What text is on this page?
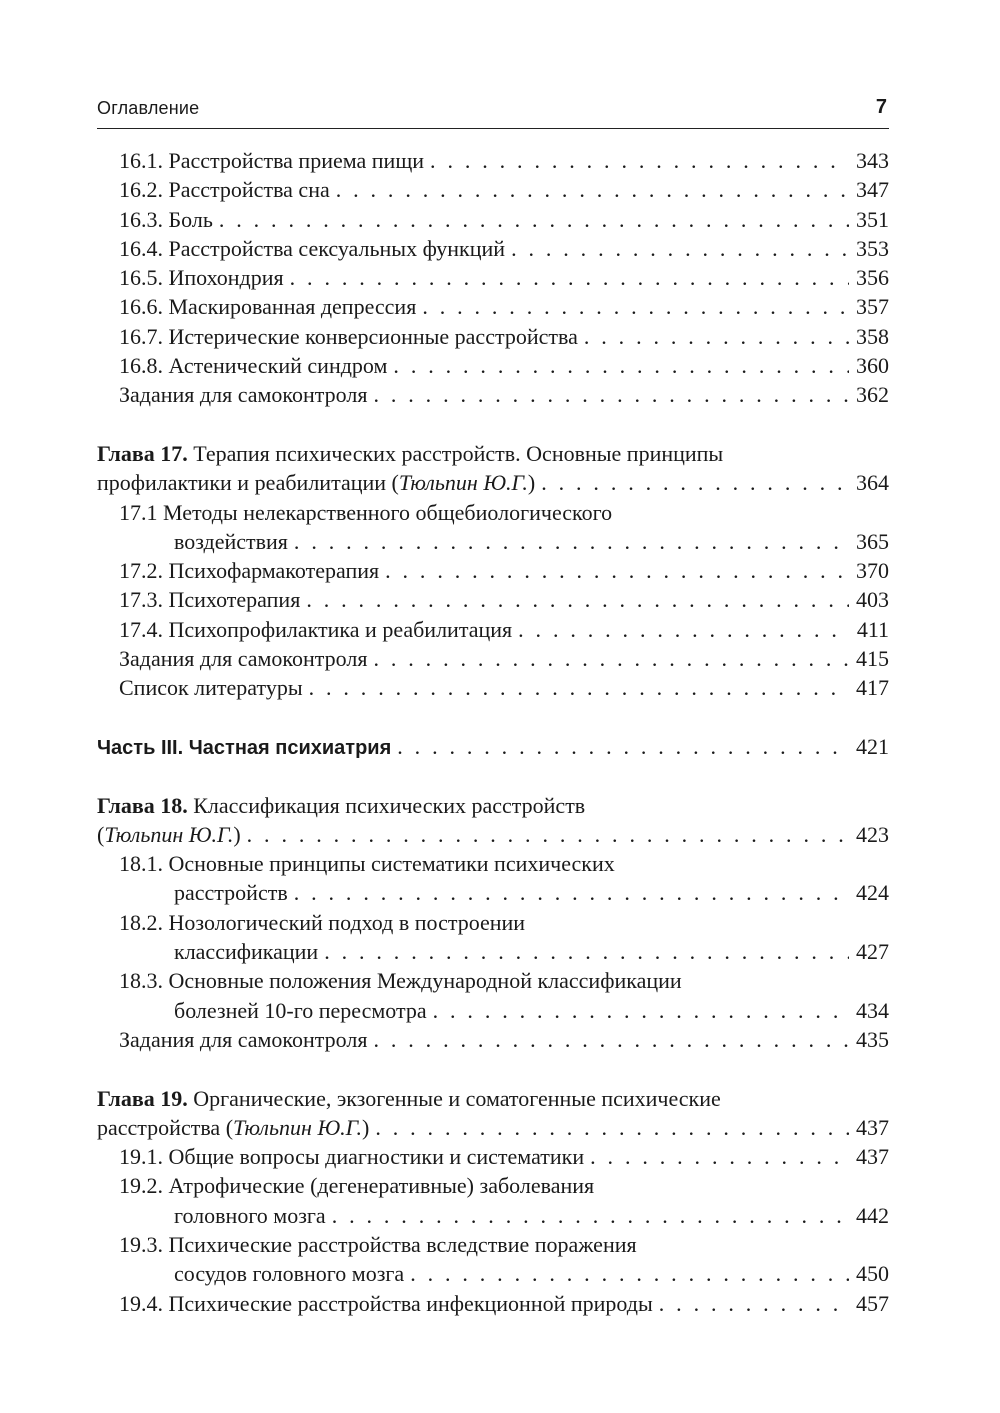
Оглавление	7
16.1. Расстройства приема пищи . . .	343
16.2. Расстройства сна . . .	347
16.3. Боль . . .	351
16.4. Расстройства сексуальных функций . . .	353
16.5. Ипохондрия . . .	356
16.6. Маскированная депрессия . . .	357
16.7. Истерические конверсионные расстройства . . .	358
16.8. Астенический синдром . . .	360
Задания для самоконтроля . . .	362
Глава 17. Терапия психических расстройств. Основные принципы
профилактики и реабилитации (Тюльпин Ю.Г.) . . .	364
17.1 Методы нелекарственного общебиологического
воздействия . . .	365
17.2. Психофармакотерапия . . .	370
17.3. Психотерапия . . .	403
17.4. Психопрофилактика и реабилитация . . .	411
Задания для самоконтроля . . .	415
Список литературы . . .	417
Часть III. Частная психиатрия . . .	421
Глава 18. Классификация психических расстройств
(Тюльпин Ю.Г.) . . .	423
18.1. Основные принципы систематики психических
расстройств . . .	424
18.2. Нозологический подход в построении
классификации . . .	427
18.3. Основные положения Международной классификации
болезней 10-го пересмотра . . .	434
Задания для самоконтроля . . .	435
Глава 19. Органические, экзогенные и соматогенные психические
расстройства (Тюльпин Ю.Г.) . . .	437
19.1. Общие вопросы диагностики и систематики . . .	437
19.2. Атрофические (дегенеративные) заболевания
головного мозга . . .	442
19.3. Психические расстройства вследствие поражения
сосудов головного мозга . . .	450
19.4. Психические расстройства инфекционной природы . . .	457
